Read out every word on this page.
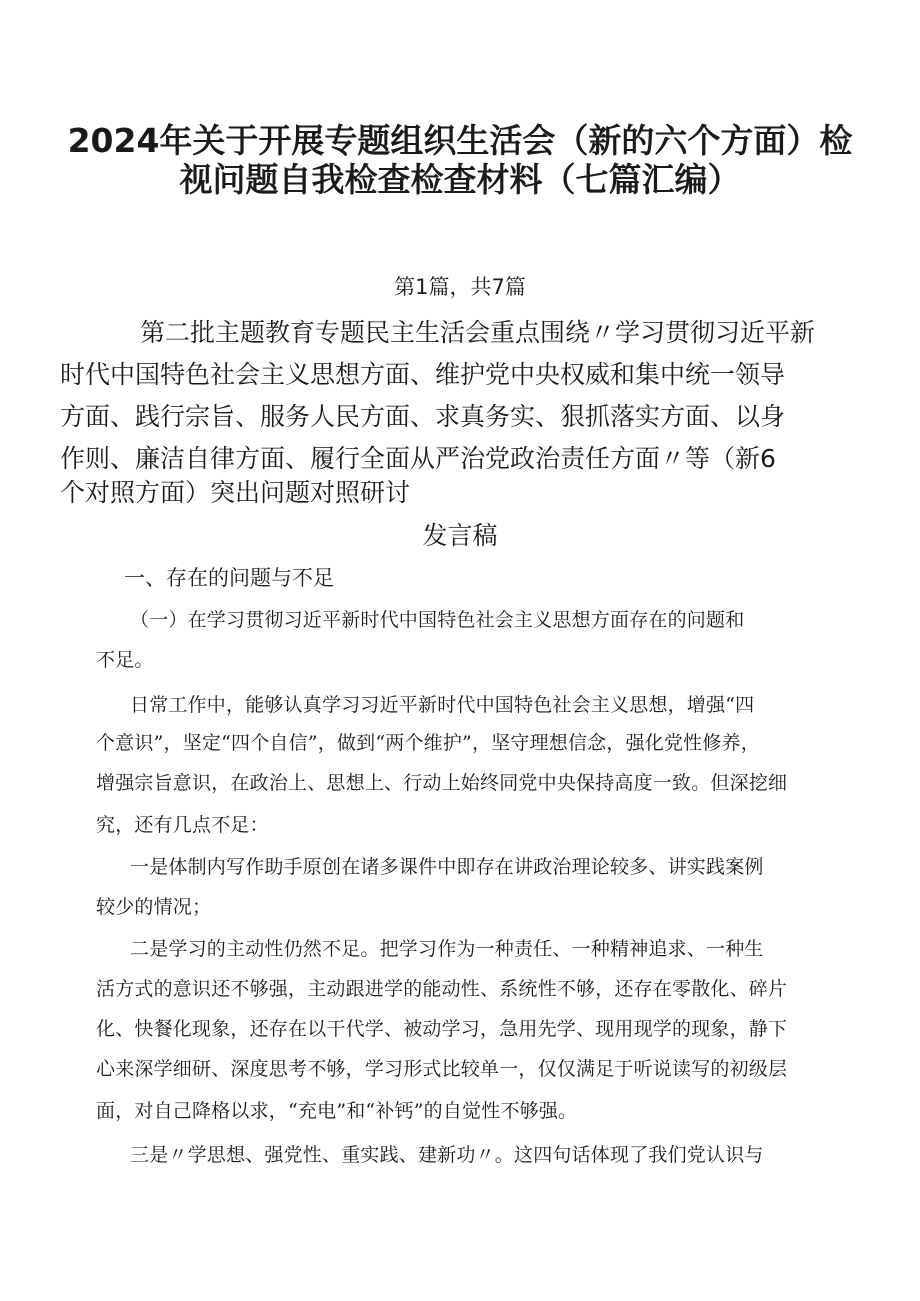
2024年关于开展专题组织生活会（新的六个方面）检
视问题自我检查检查材料（七篇汇编）
第1篇，共7篇
第二批主题教育专题民主生活会重点围绕〃学习贯彻习近平新
时代中国特色社会主义思想方面、维护党中央权威和集中统一领导
方面、践行宗旨、服务人民方面、求真务实、狠抓落实方面、以身
作则、廉洁自律方面、履行全面从严治党政治责任方面〃等（新6
个对照方面）突出问题对照研讨
发言稿
一、存在的问题与不足
（一）在学习贯彻习近平新时代中国特色社会主义思想方面存在的问题和
不足。
日常工作中，能够认真学习习近平新时代中国特色社会主义思想，增强“四
个意识”，坚定“四个自信”，做到“两个维护”，坚守理想信念，强化党性修养，
增强宗旨意识，在政治上、思想上、行动上始终同党中央保持高度一致。但深挖细
究，还有几点不足：
一是体制内写作助手原创在诸多课件中即存在讲政治理论较多、讲实践案例
较少的情况；
二是学习的主动性仍然不足。把学习作为一种责任、一种精神追求、一种生
活方式的意识还不够强，主动跟进学的能动性、系统性不够，还存在零散化、碎片
化、快餐化现象，还存在以干代学、被动学习，急用先学、现用现学的现象，静下
心来深学细研、深度思考不够，学习形式比较单一，仅仅满足于听说读写的初级层
面，对自己降格以求，“充电”和“补钙”的自觉性不够强。
三是〃学思想、强党性、重实践、建新功〃。这四句话体现了我们党认识与
